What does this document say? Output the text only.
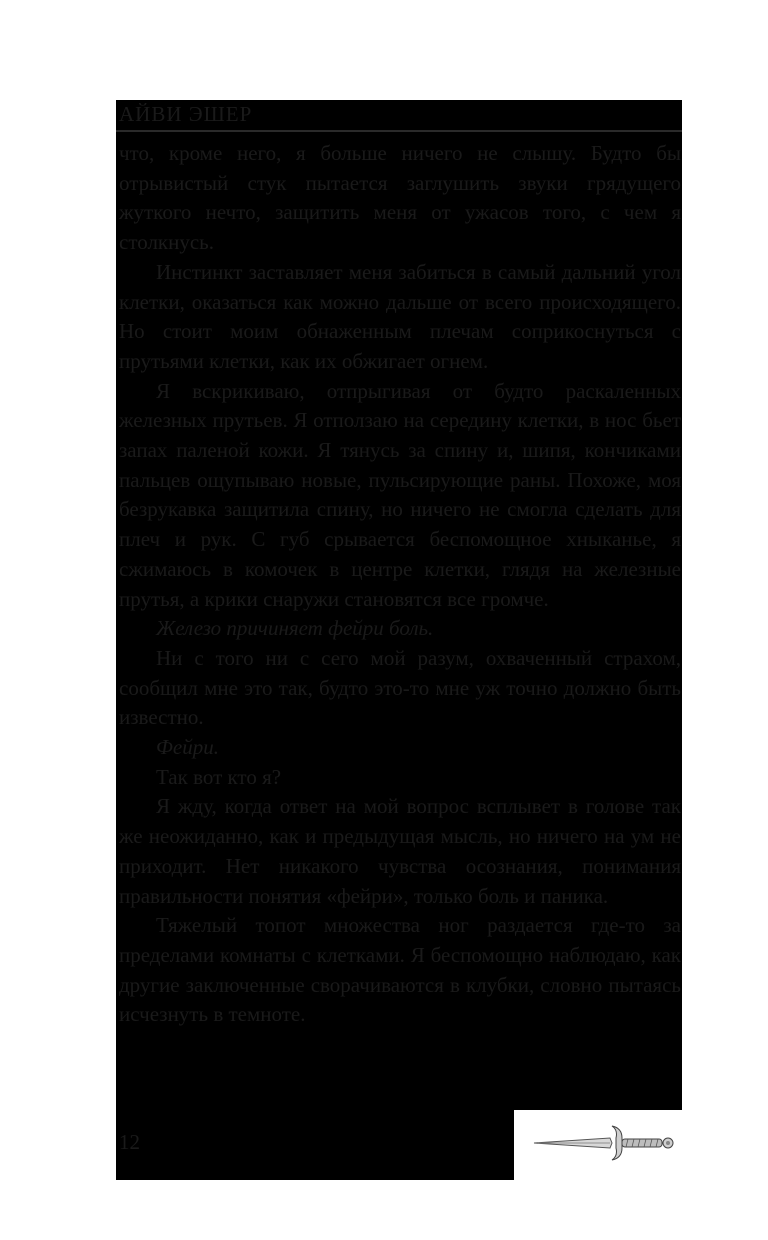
АЙВИ ЭШЕР

что, кроме него, я больше ничего не слышу. Будто бы отрывистый стук пытается заглушить звуки грядущего жуткого нечто, защитить меня от ужасов того, с чем я столкнусь.

Инстинкт заставляет меня забиться в самый дальний угол клетки, оказаться как можно дальше от всего происходящего. Но стоит моим обнаженным плечам соприкоснуться с прутьями клетки, как их обжигает огнем.

Я вскрикиваю, отпрыгивая от будто раскаленных железных прутьев. Я отползаю на середину клетки, в нос бьет запах паленой кожи. Я тянусь за спину и, шипя, кончиками пальцев ощупываю новые, пульсирующие раны. Похоже, моя безрукавка защитила спину, но ничего не смогла сделать для плеч и рук. С губ срывается беспомощное хныканье, я сжимаюсь в комочек в центре клетки, глядя на железные прутья, а крики снаружи становятся все громче.

Железо причиняет фейри боль.

Ни с того ни с сего мой разум, охваченный страхом, сообщил мне это так, будто это-то мне уж точно должно быть известно.

Фейри.

Так вот кто я?

Я жду, когда ответ на мой вопрос всплывет в голове так же неожиданно, как и предыдущая мысль, но ничего на ум не приходит. Нет никакого чувства осознания, понимания правильности понятия «фейри», только боль и паника.

Тяжелый топот множества ног раздается где-то за пределами комнаты с клетками. Я беспомощно наблюдаю, как другие заключенные сворачиваются в клубки, словно пытаясь исчезнуть в темноте.

12
